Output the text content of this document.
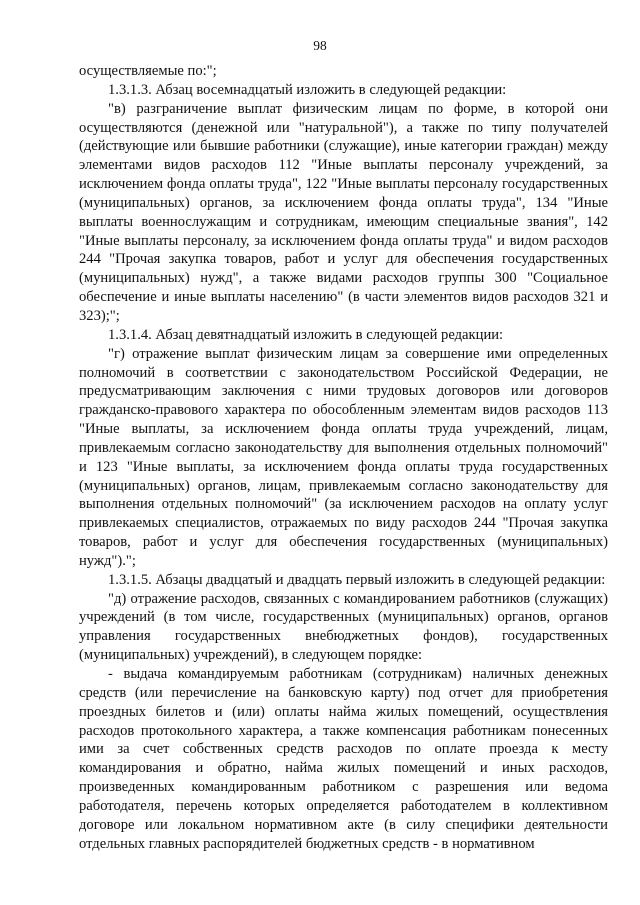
98

осуществляемые по:";

1.3.1.3. Абзац восемнадцатый изложить в следующей редакции:

"в) разграничение выплат физическим лицам по форме, в которой они осуществляются (денежной или "натуральной"), а также по типу получателей (действующие или бывшие работники (служащие), иные категории граждан) между элементами видов расходов 112 "Иные выплаты персоналу учреждений, за исключением фонда оплаты труда", 122 "Иные выплаты персоналу государственных (муниципальных) органов, за исключением фонда оплаты труда", 134 "Иные выплаты военнослужащим и сотрудникам, имеющим специальные звания", 142 "Иные выплаты персоналу, за исключением фонда оплаты труда" и видом расходов 244 "Прочая закупка товаров, работ и услуг для обеспечения государственных (муниципальных) нужд", а также видами расходов группы 300 "Социальное обеспечение и иные выплаты населению" (в части элементов видов расходов 321 и 323);";

1.3.1.4. Абзац девятнадцатый изложить в следующей редакции:

"г) отражение выплат физическим лицам за совершение ими определенных полномочий в соответствии с законодательством Российской Федерации, не предусматривающим заключения с ними трудовых договоров или договоров гражданско-правового характера по обособленным элементам видов расходов 113 "Иные выплаты, за исключением фонда оплаты труда учреждений, лицам, привлекаемым согласно законодательству для выполнения отдельных полномочий" и 123 "Иные выплаты, за исключением фонда оплаты труда государственных (муниципальных) органов, лицам, привлекаемым согласно законодательству для выполнения отдельных полномочий" (за исключением расходов на оплату услуг привлекаемых специалистов, отражаемых по виду расходов 244 "Прочая закупка товаров, работ и услуг для обеспечения государственных (муниципальных) нужд").";

1.3.1.5. Абзацы двадцатый и двадцать первый изложить в следующей редакции:

"д) отражение расходов, связанных с командированием работников (служащих) учреждений (в том числе, государственных (муниципальных) органов, органов управления государственных внебюджетных фондов), государственных (муниципальных) учреждений), в следующем порядке:

- выдача командируемым работникам (сотрудникам) наличных денежных средств (или перечисление на банковскую карту) под отчет для приобретения проездных билетов и (или) оплаты найма жилых помещений, осуществления расходов протокольного характера, а также компенсация работникам понесенных ими за счет собственных средств расходов по оплате проезда к месту командирования и обратно, найма жилых помещений и иных расходов, произведенных командированным работником с разрешения или ведома работодателя, перечень которых определяется работодателем в коллективном договоре или локальном нормативном акте (в силу специфики деятельности отдельных главных распорядителей бюджетных средств - в нормативном
